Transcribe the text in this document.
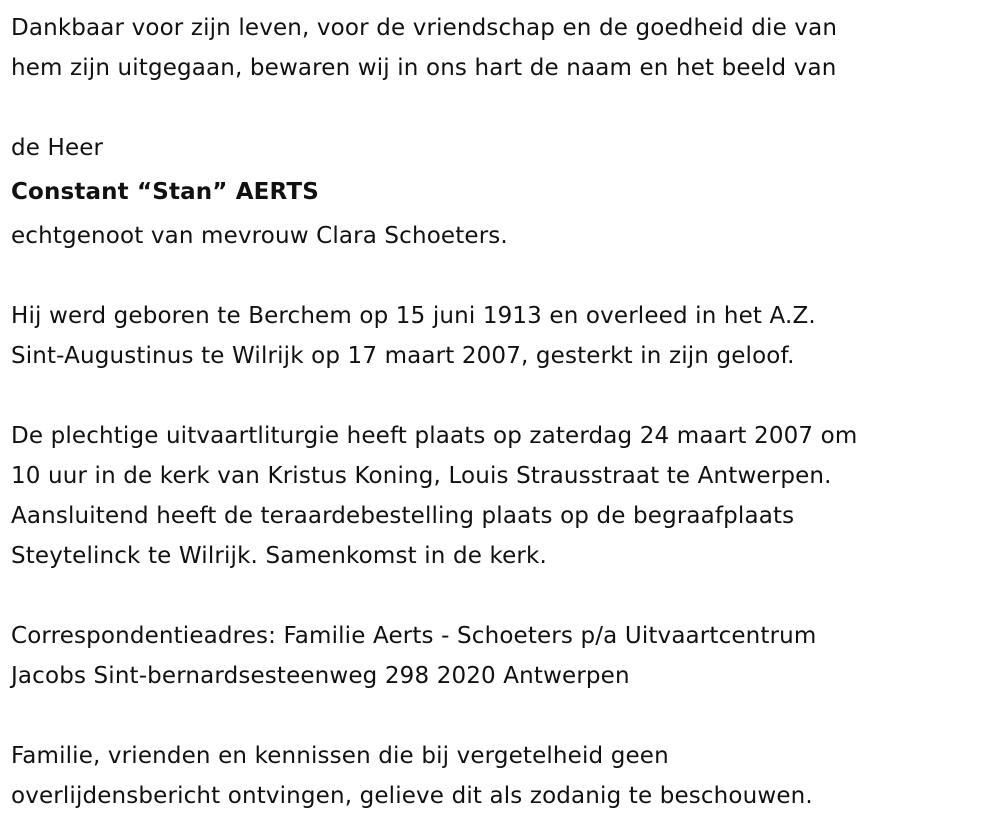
Dankbaar voor zijn leven, voor de vriendschap en de goedheid die van
hem zijn uitgegaan, bewaren wij in ons hart de naam en het beeld van
de Heer
Constant “Stan” AERTS
echtgenoot van mevrouw Clara Schoeters.
Hij werd geboren te Berchem op 15 juni 1913 en overleed in het A.Z.
Sint-Augustinus te Wilrijk op 17 maart 2007, gesterkt in zijn geloof.
De plechtige uitvaartliturgie heeft plaats op zaterdag 24 maart 2007 om
10 uur in de kerk van Kristus Koning, Louis Strausstraat te Antwerpen.
Aansluitend heeft de teraardebestelling plaats op de begraafplaats
Steytelinck te Wilrijk. Samenkomst in de kerk.
Correspondentieadres: Familie Aerts - Schoeters p/a Uitvaartcentrum
Jacobs Sint-bernardsesteenweg 298 2020 Antwerpen
Familie, vrienden en kennissen die bij vergetelheid geen
overlijdensbericht ontvingen, gelieve dit als zodanig te beschouwen.
